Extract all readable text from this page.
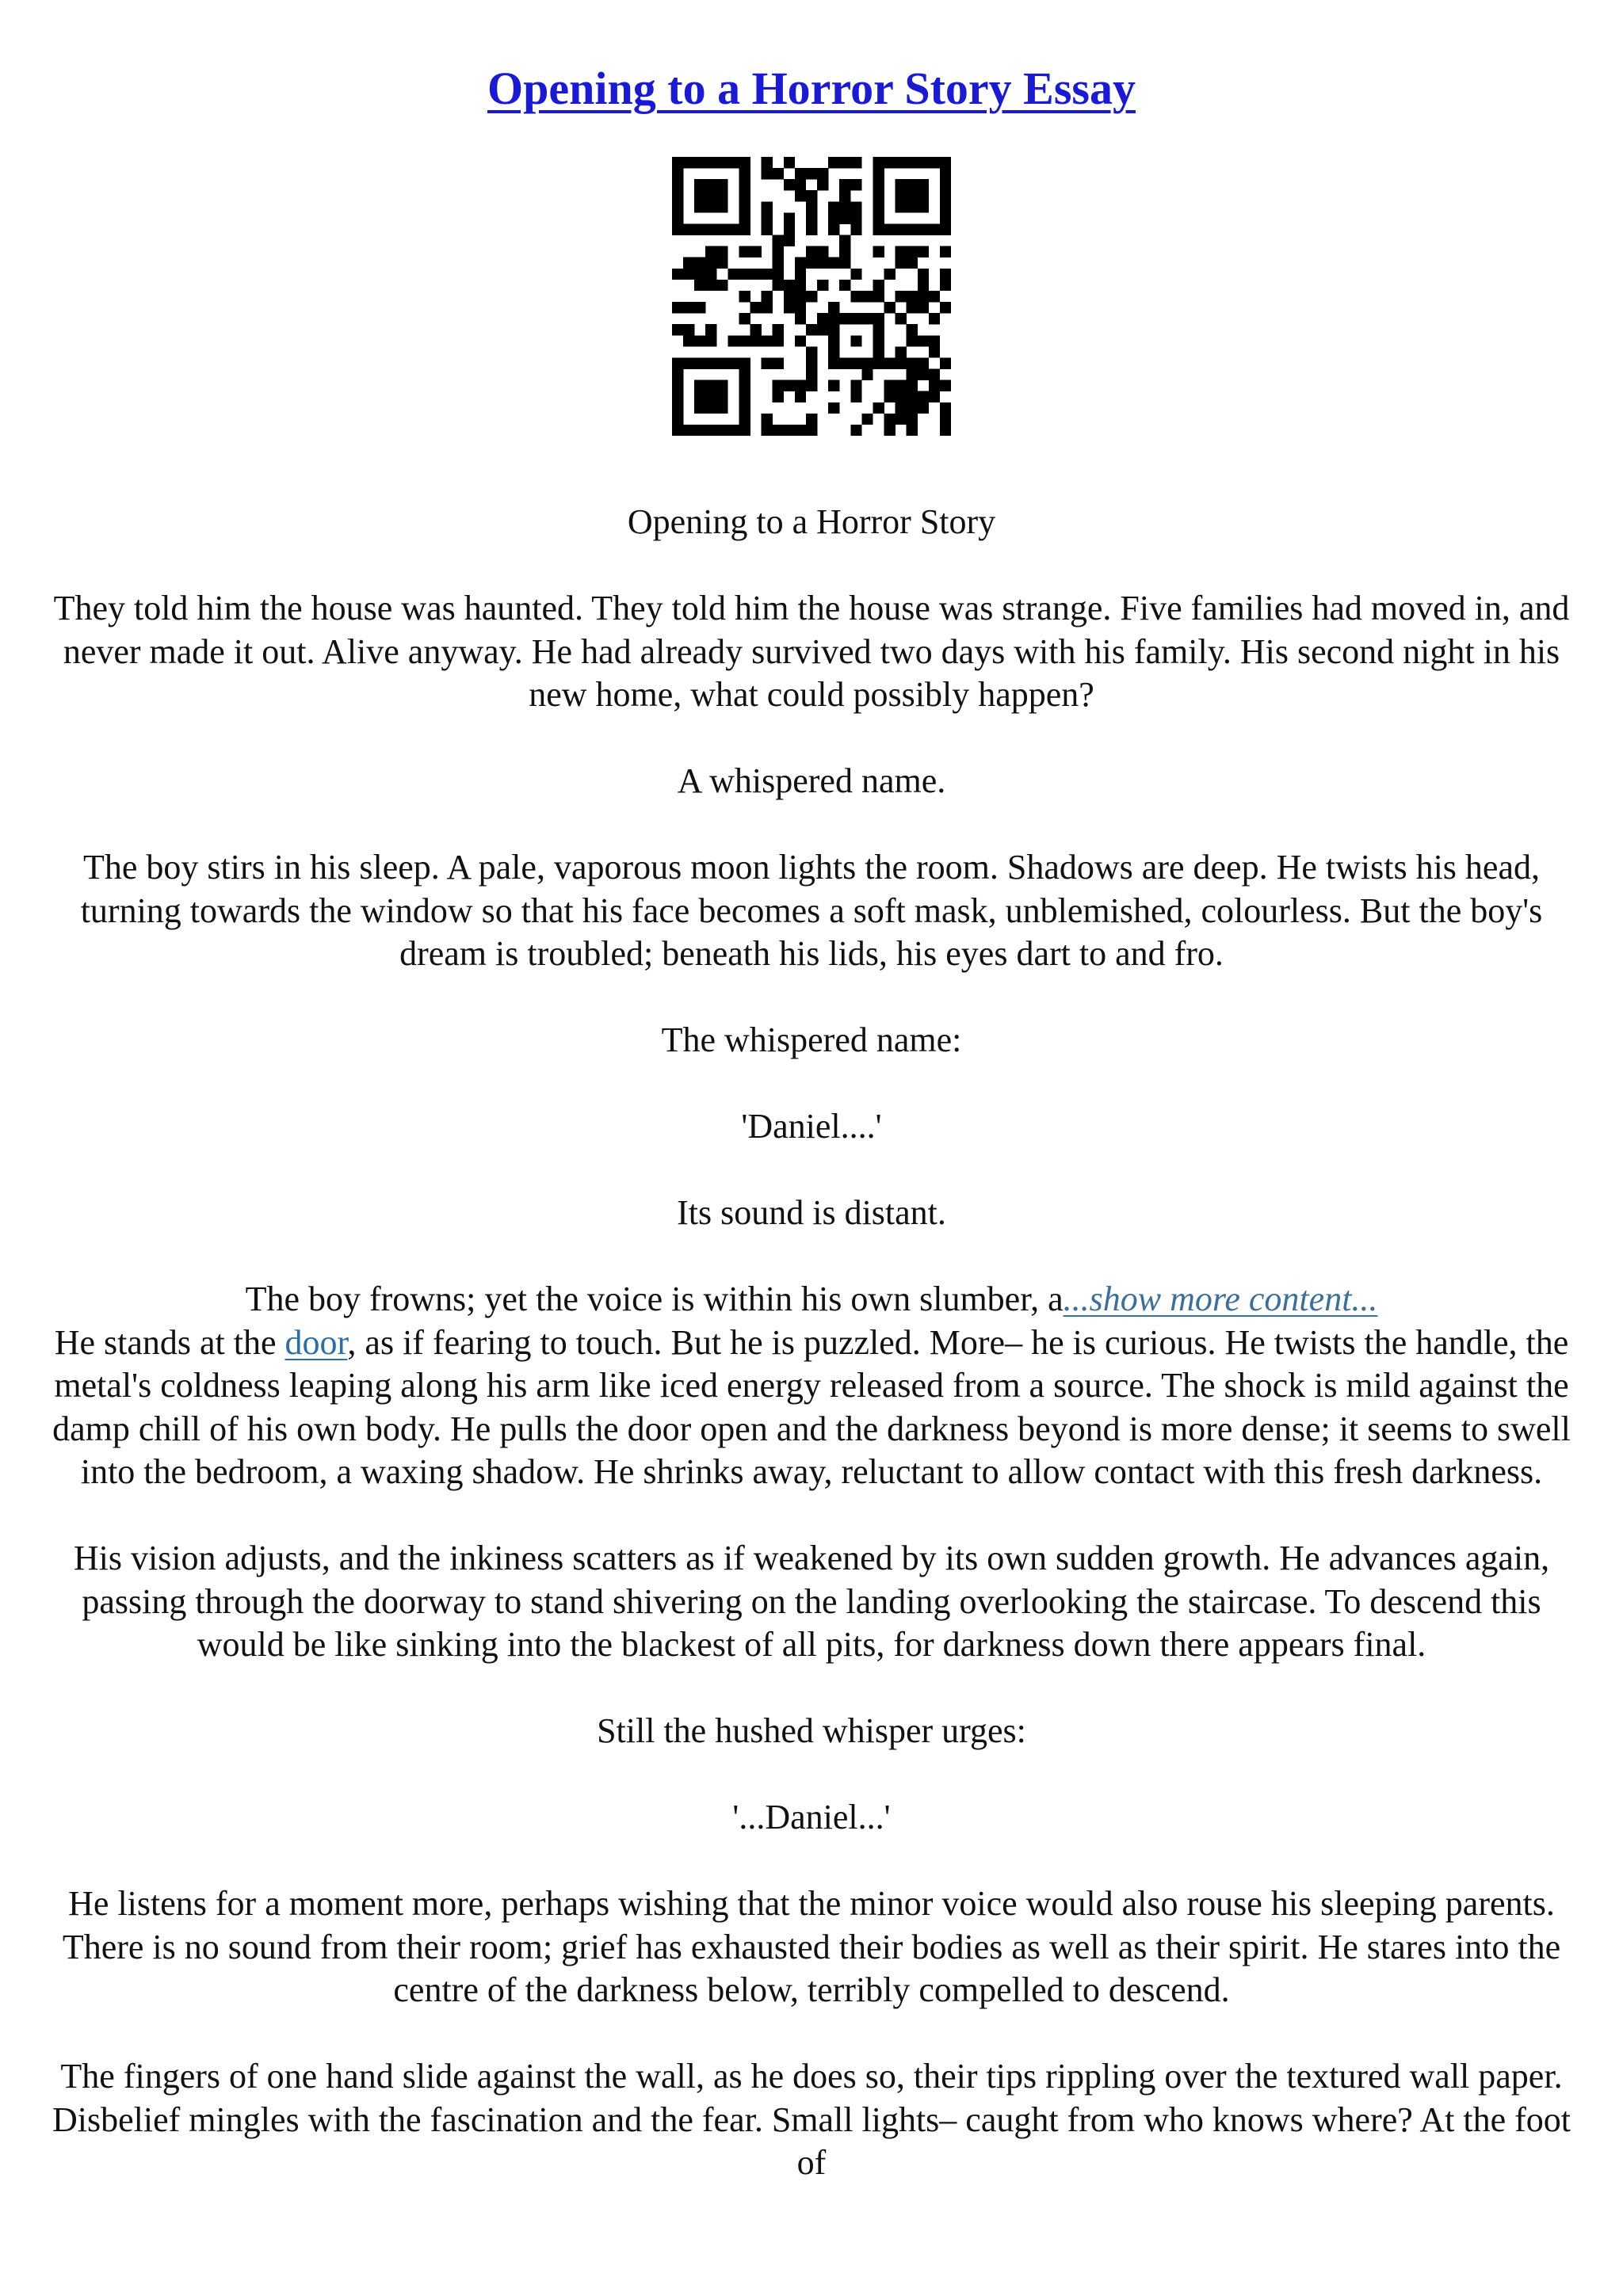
Opening to a Horror Story Essay

Opening to a Horror Story

They told him the house was haunted. They told him the house was strange. Five families had moved in, and never made it out. Alive anyway. He had already survived two days with his family. His second night in his new home, what could possibly happen?

A whispered name.

The boy stirs in his sleep. A pale, vaporous moon lights the room. Shadows are deep. He twists his head, turning towards the window so that his face becomes a soft mask, unblemished, colourless. But the boy's dream is troubled; beneath his lids, his eyes dart to and fro.

The whispered name:

'Daniel....'

Its sound is distant.

The boy frowns; yet the voice is within his own slumber, a...show more content...

He stands at the door, as if fearing to touch. But he is puzzled. More– he is curious. He twists the handle, the metal's coldness leaping along his arm like iced energy released from a source. The shock is mild against the damp chill of his own body. He pulls the door open and the darkness beyond is more dense; it seems to swell into the bedroom, a waxing shadow. He shrinks away, reluctant to allow contact with this fresh darkness.

His vision adjusts, and the inkiness scatters as if weakened by its own sudden growth. He advances again, passing through the doorway to stand shivering on the landing overlooking the staircase. To descend this would be like sinking into the blackest of all pits, for darkness down there appears final.

Still the hushed whisper urges:

'...Daniel...'

He listens for a moment more, perhaps wishing that the minor voice would also rouse his sleeping parents. There is no sound from their room; grief has exhausted their bodies as well as their spirit. He stares into the centre of the darkness below, terribly compelled to descend.

The fingers of one hand slide against the wall, as he does so, their tips rippling over the textured wall paper. Disbelief mingles with the fascination and the fear. Small lights– caught from who knows where? At the foot of
